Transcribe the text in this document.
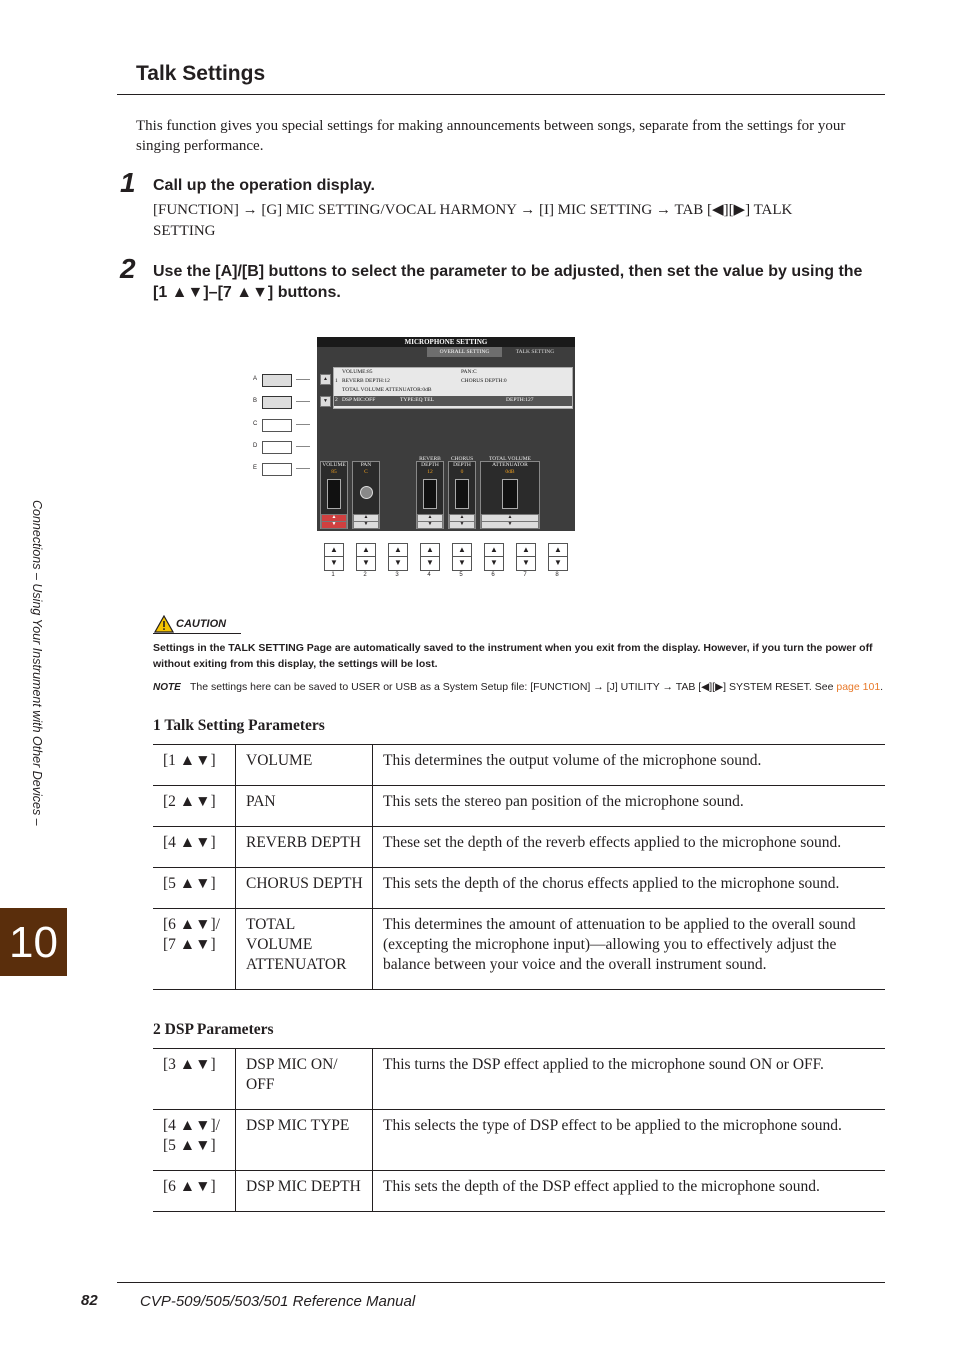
Talk Settings
This function gives you special settings for making announcements between songs, separate from the settings for your singing performance.
1 Call up the operation display.
[FUNCTION] → [G] MIC SETTING/VOCAL HARMONY → [I] MIC SETTING → TAB [◀][▶] TALK SETTING
2 Use the [A]/[B] buttons to select the parameter to be adjusted, then set the value by using the [1 ▲▼]–[7 ▲▼] buttons.
Connections – Using Your Instrument with Other Devices –
10
A
B
C
D
E
MICROPHONE SETTING
OVERALL SETTING	TALK SETTING
▲
▼
VOLUME:85	PAN:C
1 REVERB DEPTH:12	CHORUS DEPTH:0
TOTAL VOLUME ATTENUATOR:0dB
2 DSP MIC:OFF	TYPE:EQ TEL	DEPTH:127
VOLUME
85
▲
▼
PAN
C
▲
▼
REVERB DEPTH
12
▲
▼
CHORUS DEPTH
0
▲
▼
TOTAL VOLUME ATTENUATOR
0dB
▲
▼
▲
▼
1
▲
▼
2
▲
▼
3
▲
▼
4
▲
▼
5
▲
▼
6
▲
▼
7
▲
▼
8
CAUTION
Settings in the TALK SETTING Page are automatically saved to the instrument when you exit from the display. However, if you turn the power off without exiting from this display, the settings will be lost.
NOTE The settings here can be saved to USER or USB as a System Setup file: [FUNCTION] → [J] UTILITY → TAB [◀][▶] SYSTEM RESET. See page 101.
1 Talk Setting Parameters
[1 ▲▼]	VOLUME	This determines the output volume of the microphone sound.
[2 ▲▼]	PAN	This sets the stereo pan position of the microphone sound.
[4 ▲▼]	REVERB DEPTH	These set the depth of the reverb effects applied to the microphone sound.
[5 ▲▼]	CHORUS DEPTH	This sets the depth of the chorus effects applied to the microphone sound.
[6 ▲▼]/ [7 ▲▼]	TOTAL VOLUME ATTENUATOR	This determines the amount of attenuation to be applied to the overall sound (excepting the microphone input)—allowing you to effectively adjust the balance between your voice and the overall instrument sound.
2 DSP Parameters
[3 ▲▼]	DSP MIC ON/ OFF	This turns the DSP effect applied to the microphone sound ON or OFF.
[4 ▲▼]/ [5 ▲▼]	DSP MIC TYPE	This selects the type of DSP effect to be applied to the microphone sound.
[6 ▲▼]	DSP MIC DEPTH	This sets the depth of the DSP effect applied to the microphone sound.
82	CVP-509/505/503/501 Reference Manual
